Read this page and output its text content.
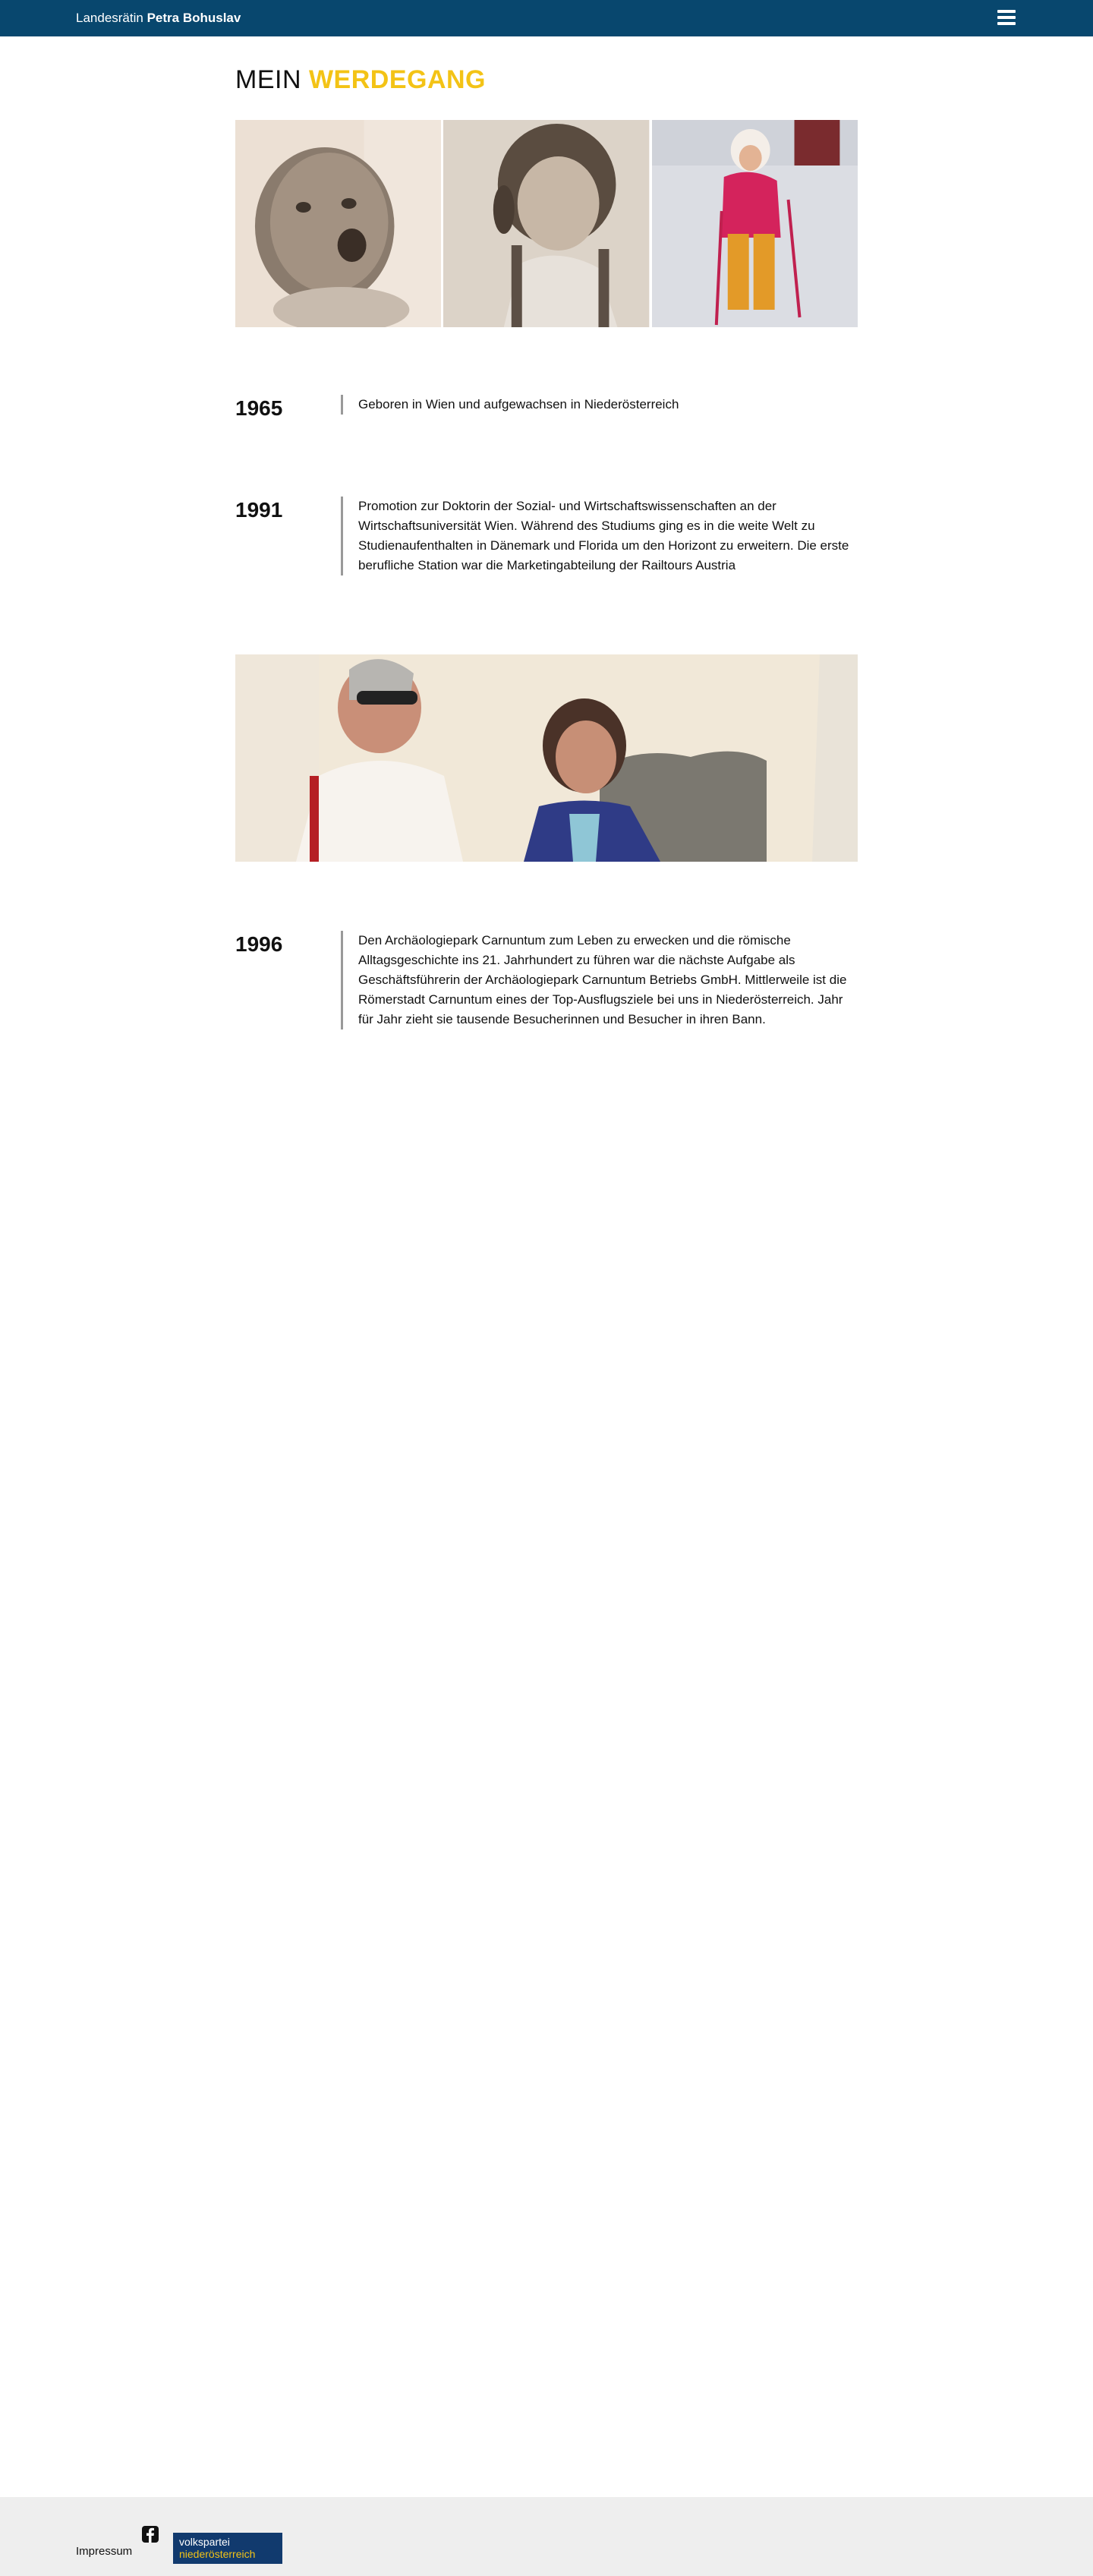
Landesrätin Petra Bohuslav
MEIN WERDEGANG
1965	Geboren in Wien und aufgewachsen in Niederösterreich
1991	Promotion zur Doktorin der Sozial- und Wirtschaftswissenschaften an der Wirtschaftsuniversität Wien. Während des Studiums ging es in die weite Welt zu Studienaufenthalten in Dänemark und Florida um den Horizont zu erweitern. Die erste berufliche Station war die Marketingabteilung der Railtours Austria
1996	Den Archäologiepark Carnuntum zum Leben zu erwecken und die römische Alltagsgeschichte ins 21. Jahrhundert zu führen war die nächste Aufgabe als Geschäftsführerin der Archäologiepark Carnuntum Betriebs GmbH. Mittlerweile ist die Römerstadt Carnuntum eines der Top-Ausflugsziele bei uns in Niederösterreich. Jahr für Jahr zieht sie tausende Besucherinnen und Besucher in ihren Bann.
Impressum
volkspartei
niederösterreich
